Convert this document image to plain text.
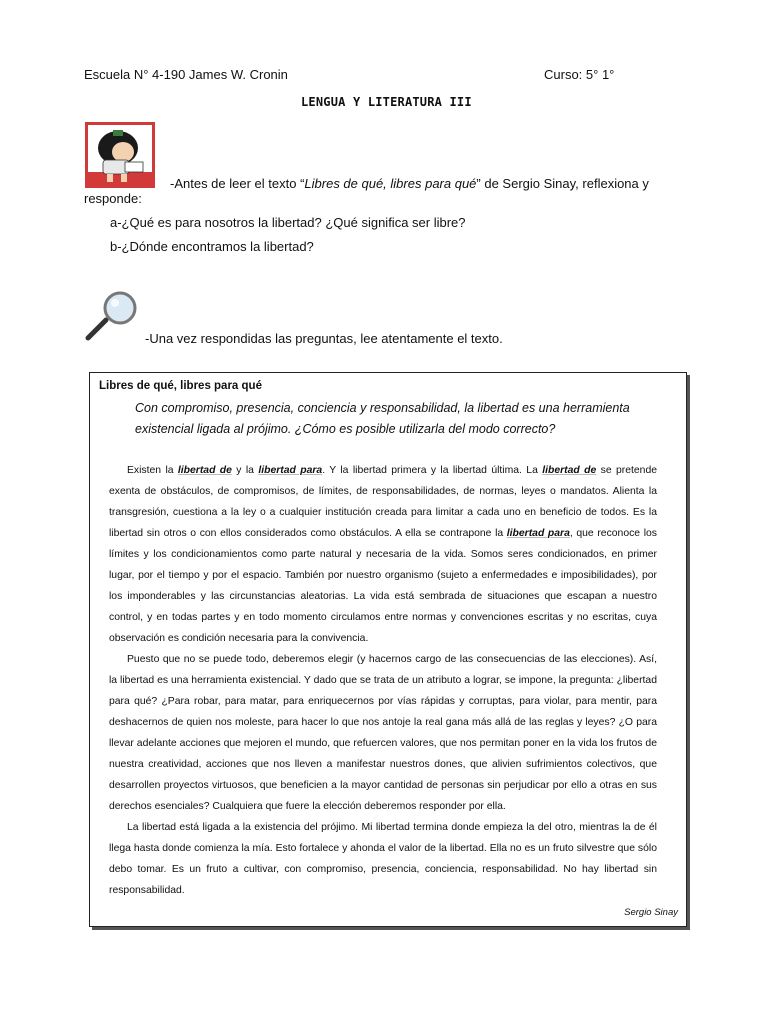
Escuela N° 4-190 James W. Cronin	Curso: 5° 1°
LENGUA Y LITERATURA III
-Antes de leer el texto “Libres de qué, libres para qué” de Sergio Sinay, reflexiona y
responde:
a-¿Qué es para nosotros la libertad? ¿Qué significa ser libre?
b-¿Dónde encontramos la libertad?
-Una vez respondidas las preguntas, lee atentamente el texto.
Libres de qué, libres para qué
Con compromiso, presencia, conciencia y responsabilidad, la libertad es una herramienta existencial ligada al prójimo. ¿Cómo es posible utilizarla del modo correcto?

Existen la libertad de y la libertad para. Y la libertad primera y la libertad última. La libertad de se pretende exenta de obstáculos, de compromisos, de límites, de responsabilidades, de normas, leyes o mandatos. Alienta la transgresión, cuestiona a la ley o a cualquier institución creada para limitar a cada uno en beneficio de todos. Es la libertad sin otros o con ellos considerados como obstáculos. A ella se contrapone la libertad para, que reconoce los límites y los condicionamientos como parte natural y necesaria de la vida. Somos seres condicionados, en primer lugar, por el tiempo y por el espacio. También por nuestro organismo (sujeto a enfermedades e imposibilidades), por los imponderables y las circunstancias aleatorias. La vida está sembrada de situaciones que escapan a nuestro control, y en todas partes y en todo momento circulamos entre normas y convenciones escritas y no escritas, cuya observación es condición necesaria para la convivencia.

Puesto que no se puede todo, deberemos elegir (y hacernos cargo de las consecuencias de las elecciones). Así, la libertad es una herramienta existencial. Y dado que se trata de un atributo a lograr, se impone, la pregunta: ¿libertad para qué? ¿Para robar, para matar, para enriquecernos por vías rápidas y corruptas, para violar, para mentir, para deshacernos de quien nos moleste, para hacer lo que nos antoje la real gana más allá de las reglas y leyes? ¿O para llevar adelante acciones que mejoren el mundo, que refuercen valores, que nos permitan poner en la vida los frutos de nuestra creatividad, acciones que nos lleven a manifestar nuestros dones, que alivien sufrimientos colectivos, que desarrollen proyectos virtuosos, que beneficien a la mayor cantidad de personas sin perjudicar por ello a otras en sus derechos esenciales? Cualquiera que fuere la elección deberemos responder por ella.

La libertad está ligada a la existencia del prójimo. Mi libertad termina donde empieza la del otro, mientras la de él llega hasta donde comienza la mía. Esto fortalece y ahonda el valor de la libertad. Ella no es un fruto silvestre que sólo debo tomar. Es un fruto a cultivar, con compromiso, presencia, conciencia, responsabilidad. No hay libertad sin responsabilidad.

Sergio Sinay
